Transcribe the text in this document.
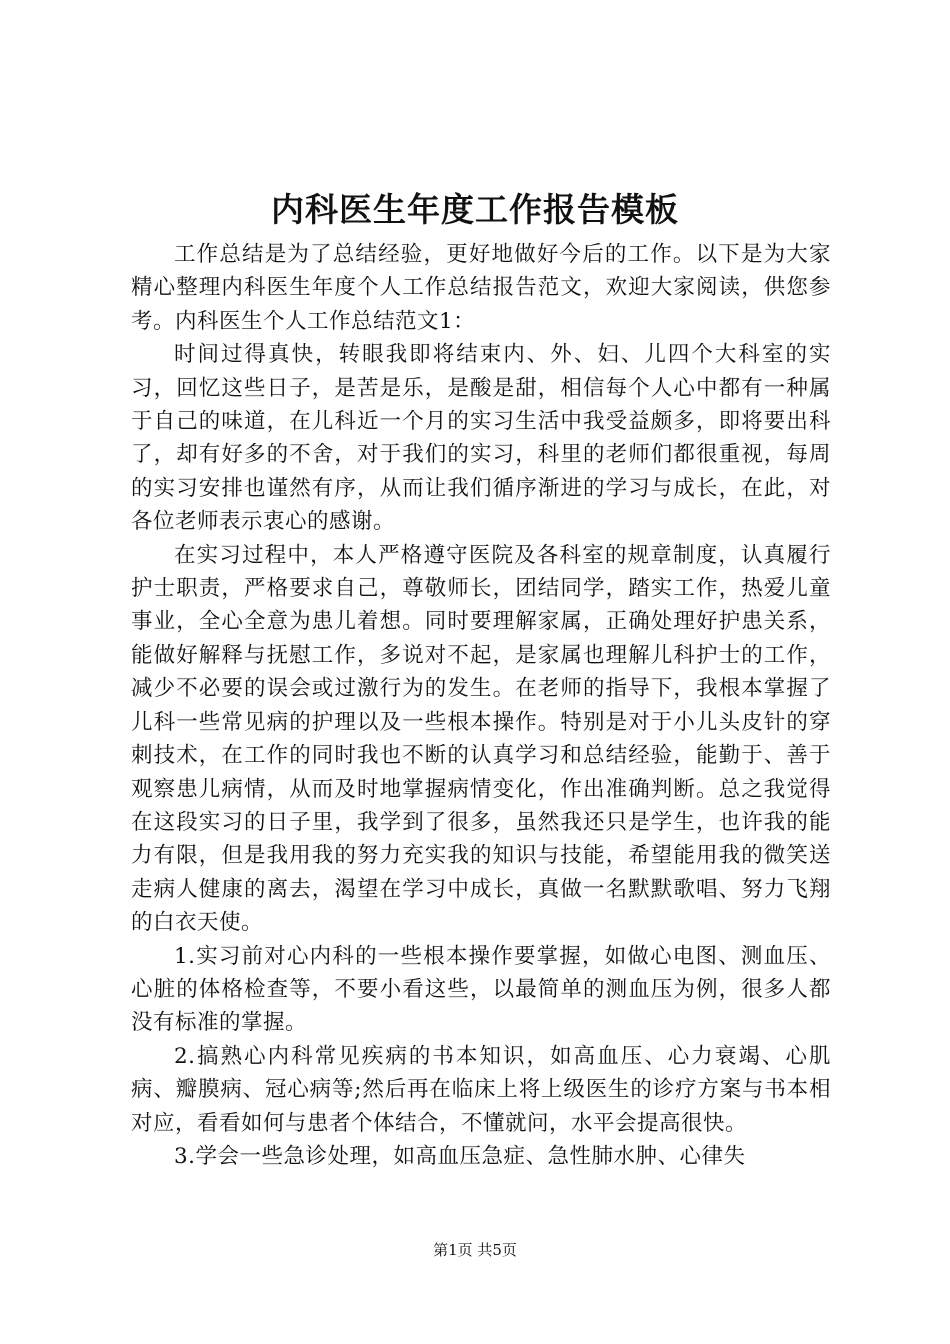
内科医生年度工作报告模板

工作总结是为了总结经验，更好地做好今后的工作。以下是为大家精心整理内科医生年度个人工作总结报告范文，欢迎大家阅读，供您参考。内科医生个人工作总结范文1：

时间过得真快，转眼我即将结束内、外、妇、儿四个大科室的实习，回忆这些日子，是苦是乐，是酸是甜，相信每个人心中都有一种属于自己的味道，在儿科近一个月的实习生活中我受益颇多，即将要出科了，却有好多的不舍，对于我们的实习，科里的老师们都很重视，每周的实习安排也谨然有序，从而让我们循序渐进的学习与成长，在此，对各位老师表示衷心的感谢。

在实习过程中，本人严格遵守医院及各科室的规章制度，认真履行护士职责，严格要求自己，尊敬师长，团结同学，踏实工作，热爱儿童事业，全心全意为患儿着想。同时要理解家属，正确处理好护患关系，能做好解释与抚慰工作，多说对不起，是家属也理解儿科护士的工作，减少不必要的误会或过激行为的发生。在老师的指导下，我根本掌握了儿科一些常见病的护理以及一些根本操作。特别是对于小儿头皮针的穿刺技术，在工作的同时我也不断的认真学习和总结经验，能勤于、善于观察患儿病情，从而及时地掌握病情变化，作出准确判断。总之我觉得在这段实习的日子里，我学到了很多，虽然我还只是学生，也许我的能力有限，但是我用我的努力充实我的知识与技能，希望能用我的微笑送走病人健康的离去，渴望在学习中成长，真做一名默默歌唱、努力飞翔的白衣天使。

1.实习前对心内科的一些根本操作要掌握，如做心电图、测血压、心脏的体格检查等，不要小看这些，以最简单的测血压为例，很多人都没有标准的掌握。

2.搞熟心内科常见疾病的书本知识，如高血压、心力衰竭、心肌病、瓣膜病、冠心病等;然后再在临床上将上级医生的诊疗方案与书本相对应，看看如何与患者个体结合，不懂就问，水平会提高很快。

3.学会一些急诊处理，如高血压急症、急性肺水肿、心律失

第1页 共5页
